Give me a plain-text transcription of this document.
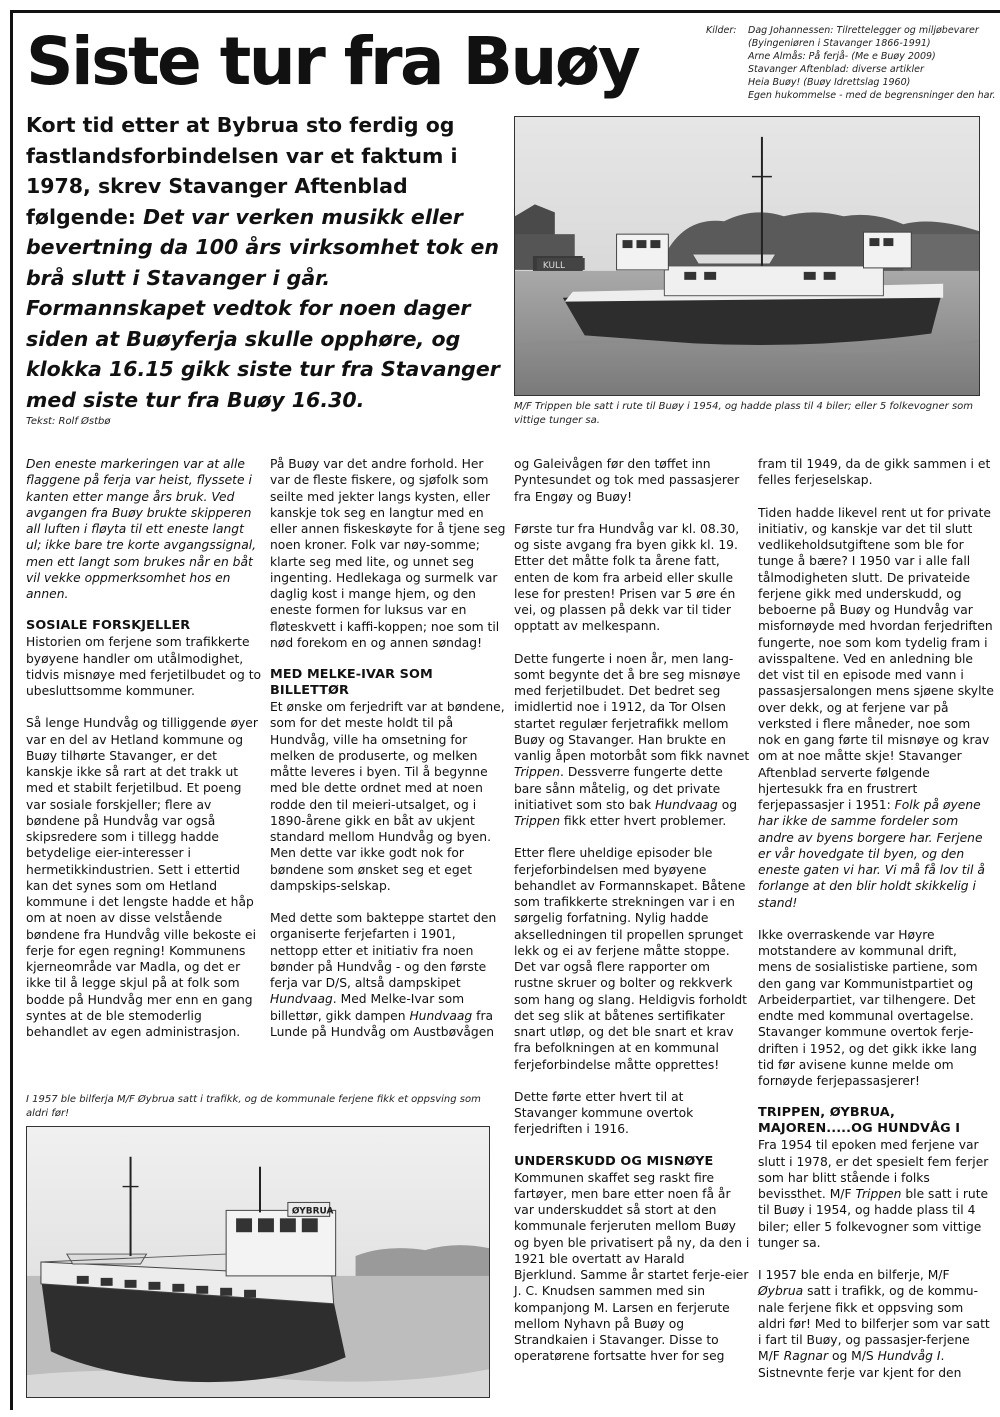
Siste tur fra Buøy	Kilder:	Dag Johannessen: Tilrettelegger og miljøbevarer
(Byingeniøren i Stavanger 1866-1991)
Arne Almås: På ferjå- (Me e Buøy 2009)
Stavanger Aftenblad: diverse artikler
Heia Buøy! (Buøy Idrettslag 1960)
Egen hukommelse - med de begrensninger den har.

Kort tid etter at Bybrua sto ferdig og fastlandsforbindelsen var et faktum i 1978, skrev Stavanger Aftenblad følgende: Det var verken musikk eller bevertning da 100 års virksomhet tok en brå slutt i Stavanger i går. Formannskapet vedtok for noen dager siden at Buøyferja skulle opphøre, og klokka 16.15 gikk siste tur fra Stavanger med siste tur fra Buøy 16.30.

Tekst: Rolf Østbø
KULL
M/F Trippen ble satt i rute til Buøy i 1954, og hadde plass til 4 biler; eller 5 folkevogner som vittige tunger sa.
I 1957 ble bilferja M/F Øybrua satt i trafikk, og de kommunale ferjene fikk et oppsving som aldri før!
ØYBRUA

Den eneste markeringen var at alle flaggene på ferja var heist, flyssete i kanten etter mange års bruk. Ved avgangen fra Buøy brukte skipperen all luften i fløyta til ett eneste langt ul; ikke bare tre korte avgangssignal, men ett langt som brukes når en båt vil vekke oppmerksomhet hos en annen.

SOSIALE FORSKJELLER

Historien om ferjene som trafikkerte byøyene handler om utålmodighet, tidvis misnøye med ferjetilbudet og to ubesluttsomme kommuner.

Så lenge Hundvåg og tilliggende øyer var en del av Hetland kommune og Buøy tilhørte Stavanger, er det kanskje ikke så rart at det trakk ut med et stabilt ferjetilbud. Et poeng var sosiale forskjeller; flere av bøndene på Hundvåg var også skipsredere som i tillegg hadde betydelige eier-interesser i hermetikkindustrien. Sett i ettertid kan det synes som om Hetland kommune i det lengste hadde et håp om at noen av disse velstående bøndene fra Hundvåg ville bekoste ei ferje for egen regning! Kommunens kjerneområde var Madla, og det er ikke til å legge skjul på at folk som bodde på Hundvåg mer enn en gang syntes at de ble stemoderlig behandlet av egen administrasjon.

På Buøy var det andre forhold. Her var de fleste fiskere, og sjøfolk som seilte med jekter langs kysten, eller kanskje tok seg en langtur med en eller annen fiskeskøyte for å tjene seg noen kroner. Folk var nøy-somme; klarte seg med lite, og unnet seg ingenting. Hedlekaga og surmelk var daglig kost i mange hjem, og den eneste formen for luksus var en fløteskvett i kaffi-koppen; noe som til nød forekom en og annen søndag!

MED MELKE-IVAR SOM BILLETTØR

Et ønske om ferjedrift var at bøndene, som for det meste holdt til på Hundvåg, ville ha omsetning for melken de produserte, og melken måtte leveres i byen. Til å begynne med ble dette ordnet med at noen rodde den til meieri-utsalget, og i 1890-årene gikk en båt av ukjent standard mellom Hundvåg og byen. Men dette var ikke godt nok for bøndene som ønsket seg et eget dampskips-selskap.

Med dette som bakteppe startet den organiserte ferjefarten i 1901, nettopp etter et initiativ fra noen bønder på Hundvåg - og den første ferja var D/S, altså dampskipet Hundvaag. Med Melke-Ivar som billettør, gikk dampen Hundvaag fra Lunde på Hundvåg om Austbøvågen

og Galeivågen før den tøffet inn Pyntesundet og tok med passasjerer fra Engøy og Buøy!

Første tur fra Hundvåg var kl. 08.30, og siste avgang fra byen gikk kl. 19. Etter det måtte folk ta årene fatt, enten de kom fra arbeid eller skulle lese for presten! Prisen var 5 øre én vei, og plassen på dekk var til tider opptatt av melkespann.

Dette fungerte i noen år, men lang-somt begynte det å bre seg misnøye med ferjetilbudet. Det bedret seg imidlertid noe i 1912, da Tor Olsen startet regulær ferjetrafikk mellom Buøy og Stavanger. Han brukte en vanlig åpen motorbåt som fikk navnet Trippen. Dessverre fungerte dette bare sånn måtelig, og det private initiativet som sto bak Hundvaag og Trippen fikk etter hvert problemer.

Etter flere uheldige episoder ble ferjeforbindelsen med byøyene behandlet av Formannskapet. Båtene som trafikkerte strekningen var i en sørgelig forfatning. Nylig hadde akselledningen til propellen sprunget lekk og ei av ferjene måtte stoppe. Det var også flere rapporter om rustne skruer og bolter og rekkverk som hang og slang. Heldigvis forholdt det seg slik at båtenes sertifikater snart utløp, og det ble snart et krav fra befolkningen at en kommunal ferjeforbindelse måtte opprettes!

Dette førte etter hvert til at Stavanger kommune overtok ferjedriften i 1916.

UNDERSKUDD OG MISNØYE

Kommunen skaffet seg raskt fire fartøyer, men bare etter noen få år var underskuddet så stort at den kommunale ferjeruten mellom Buøy og byen ble privatisert på ny, da den i 1921 ble overtatt av Harald Bjerklund. Samme år startet ferje-eier J. C. Knudsen sammen med sin kompanjong M. Larsen en ferjerute mellom Nyhavn på Buøy og Strandkaien i Stavanger. Disse to operatørene fortsatte hver for seg

fram til 1949, da de gikk sammen i et felles ferjeselskap.

Tiden hadde likevel rent ut for private initiativ, og kanskje var det til slutt vedlikeholdsutgiftene som ble for tunge å bære? I 1950 var i alle fall tålmodigheten slutt. De privateide ferjene gikk med underskudd, og beboerne på Buøy og Hundvåg var misfornøyde med hvordan ferjedriften fungerte, noe som kom tydelig fram i avisspaltene. Ved en anledning ble det vist til en episode med vann i passasjersalongen mens sjøene skylte over dekk, og at ferjene var på verksted i flere måneder, noe som nok en gang førte til misnøye og krav om at noe måtte skje! Stavanger Aftenblad serverte følgende hjertesukk fra en frustrert ferjepassasjer i 1951: Folk på øyene har ikke de samme fordeler som andre av byens borgere har. Ferjene er vår hovedgate til byen, og den eneste gaten vi har. Vi må få lov til å forlange at den blir holdt skikkelig i stand!

Ikke overraskende var Høyre motstandere av kommunal drift, mens de sosialistiske partiene, som den gang var Kommunistpartiet og Arbeiderpartiet, var tilhengere. Det endte med kommunal overtagelse. Stavanger kommune overtok ferje-driften i 1952, og det gikk ikke lang tid før avisene kunne melde om fornøyde ferjepassasjerer!

TRIPPEN, ØYBRUA, MAJOREN.....OG HUNDVÅG I

Fra 1954 til epoken med ferjene var slutt i 1978, er det spesielt fem ferjer som har blitt stående i folks bevissthet. M/F Trippen ble satt i rute til Buøy i 1954, og hadde plass til 4 biler; eller 5 folkevogner som vittige tunger sa.

I 1957 ble enda en bilferje, M/F Øybrua satt i trafikk, og de kommu-nale ferjene fikk et oppsving som aldri før! Med to bilferjer som var satt i fart til Buøy, og passasjer-ferjene M/F Ragnar og M/S Hundvåg I. Sistnevnte ferje var kjent for den
